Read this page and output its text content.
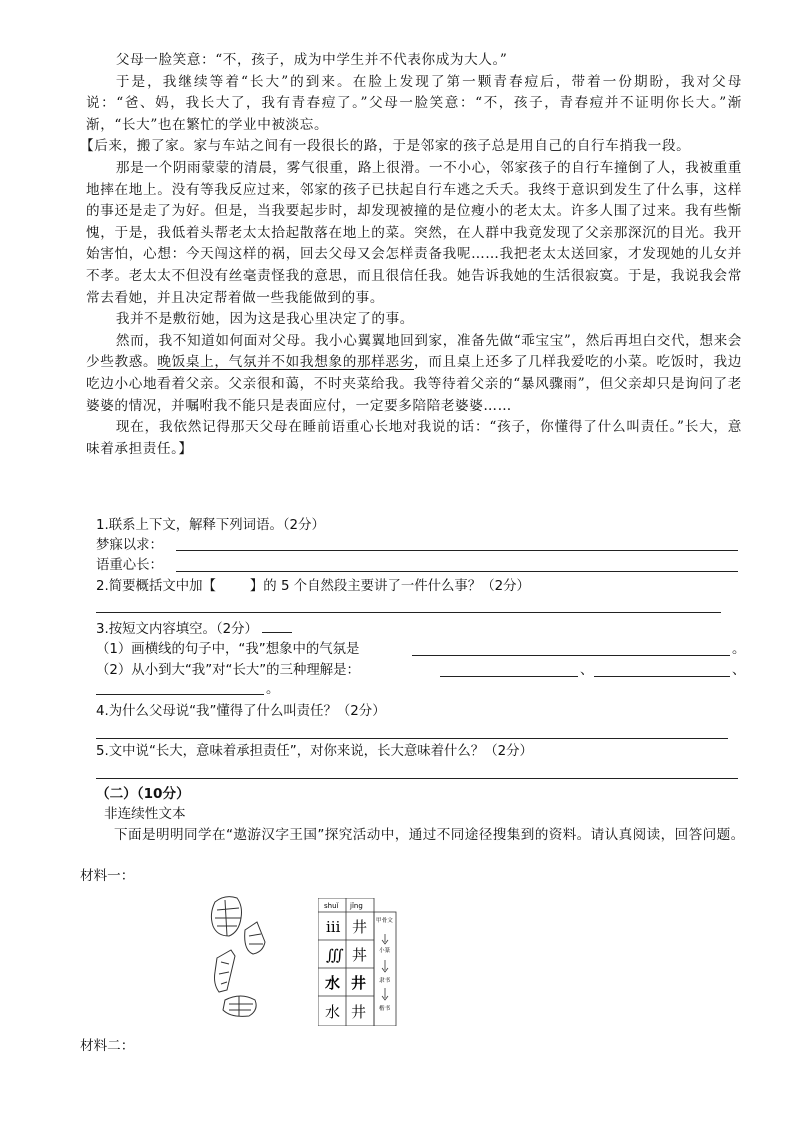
父母一脸笑意：“不，孩子，成为中学生并不代表你成为大人。”

于是，我继续等着“长大”的到来。在脸上发现了第一颗青春痘后，带着一份期盼，我对父母说：“爸、妈，我长大了，我有青春痘了。”父母一脸笑意：“不，孩子，青春痘并不证明你长大。”渐渐，“长大”也在繁忙的学业中被淡忘。

【后来，搬了家。家与车站之间有一段很长的路，于是邻家的孩子总是用自己的自行车捎我一段。

那是一个阴雨蒙蒙的清晨，雾气很重，路上很滑。一不小心，邻家孩子的自行车撞倒了人，我被重重地摔在地上。没有等我反应过来，邻家的孩子已扶起自行车逃之夭夭。我终于意识到发生了什么事，这样的事还是走了为好。但是，当我要起步时，却发现被撞的是位瘦小的老太太。许多人围了过来。我有些惭愧，于是，我低着头帮老太太拾起散落在地上的菜。突然，在人群中我竟发现了父亲那深沉的目光。我开始害怕，心想：今天闯这样的祸，回去父母又会怎样责备我呢……我把老太太送回家，才发现她的儿女并不孝。老太太不但没有丝毫责怪我的意思，而且很信任我。她告诉我她的生活很寂寞。于是，我说我会常常去看她，并且决定帮着做一些我能做到的事。

我并不是敷衍她，因为这是我心里决定了的事。

然而，我不知道如何面对父母。我小心翼翼地回到家，准备先做“乖宝宝”，然后再坦白交代，想来会少些教惑。晚饭桌上，气氛并不如我想象的那样恶劣，而且桌上还多了几样我爱吃的小菜。吃饭时，我边吃边小心地看着父亲。父亲很和蔼，不时夹菜给我。我等待着父亲的“暴风骤雨”，但父亲却只是询问了老婆婆的情况，并嘱咐我不能只是表面应付，一定要多陪陪老婆婆……

现在，我依然记得那天父母在睡前语重心长地对我说的话：“孩子，你懂得了什么叫责任。”长大，意味着承担责任。】

1.联系上下文，解释下列词语。（2分）
梦寐以求：
语重心长：
2.简要概括文中加【	】的 5 个自然段主要讲了一件什么事？（2分）
3.按短文内容填空。（2分）
（1）画横线的句子中，“我”想象中的气氛是	。
（2）从小到大“我”对“长大”的三种理解是：	、	、
。
4.为什么父母说“我”懂得了什么叫责任？（2分）
5.文中说“长大，意味着承担责任”，对你来说，长大意味着什么？（2分）
（二）（10分）
非连续性文本
下面是明明同学在“遨游汉字王国”探究活动中，通过不同途径搜集到的资料。请认真阅读，回答问题。
材料一：
shuǐ jǐng
ⅲ 井
∭ 丼
水 井
水 井
甲骨文
小篆
隶书
楷书
材料二：
